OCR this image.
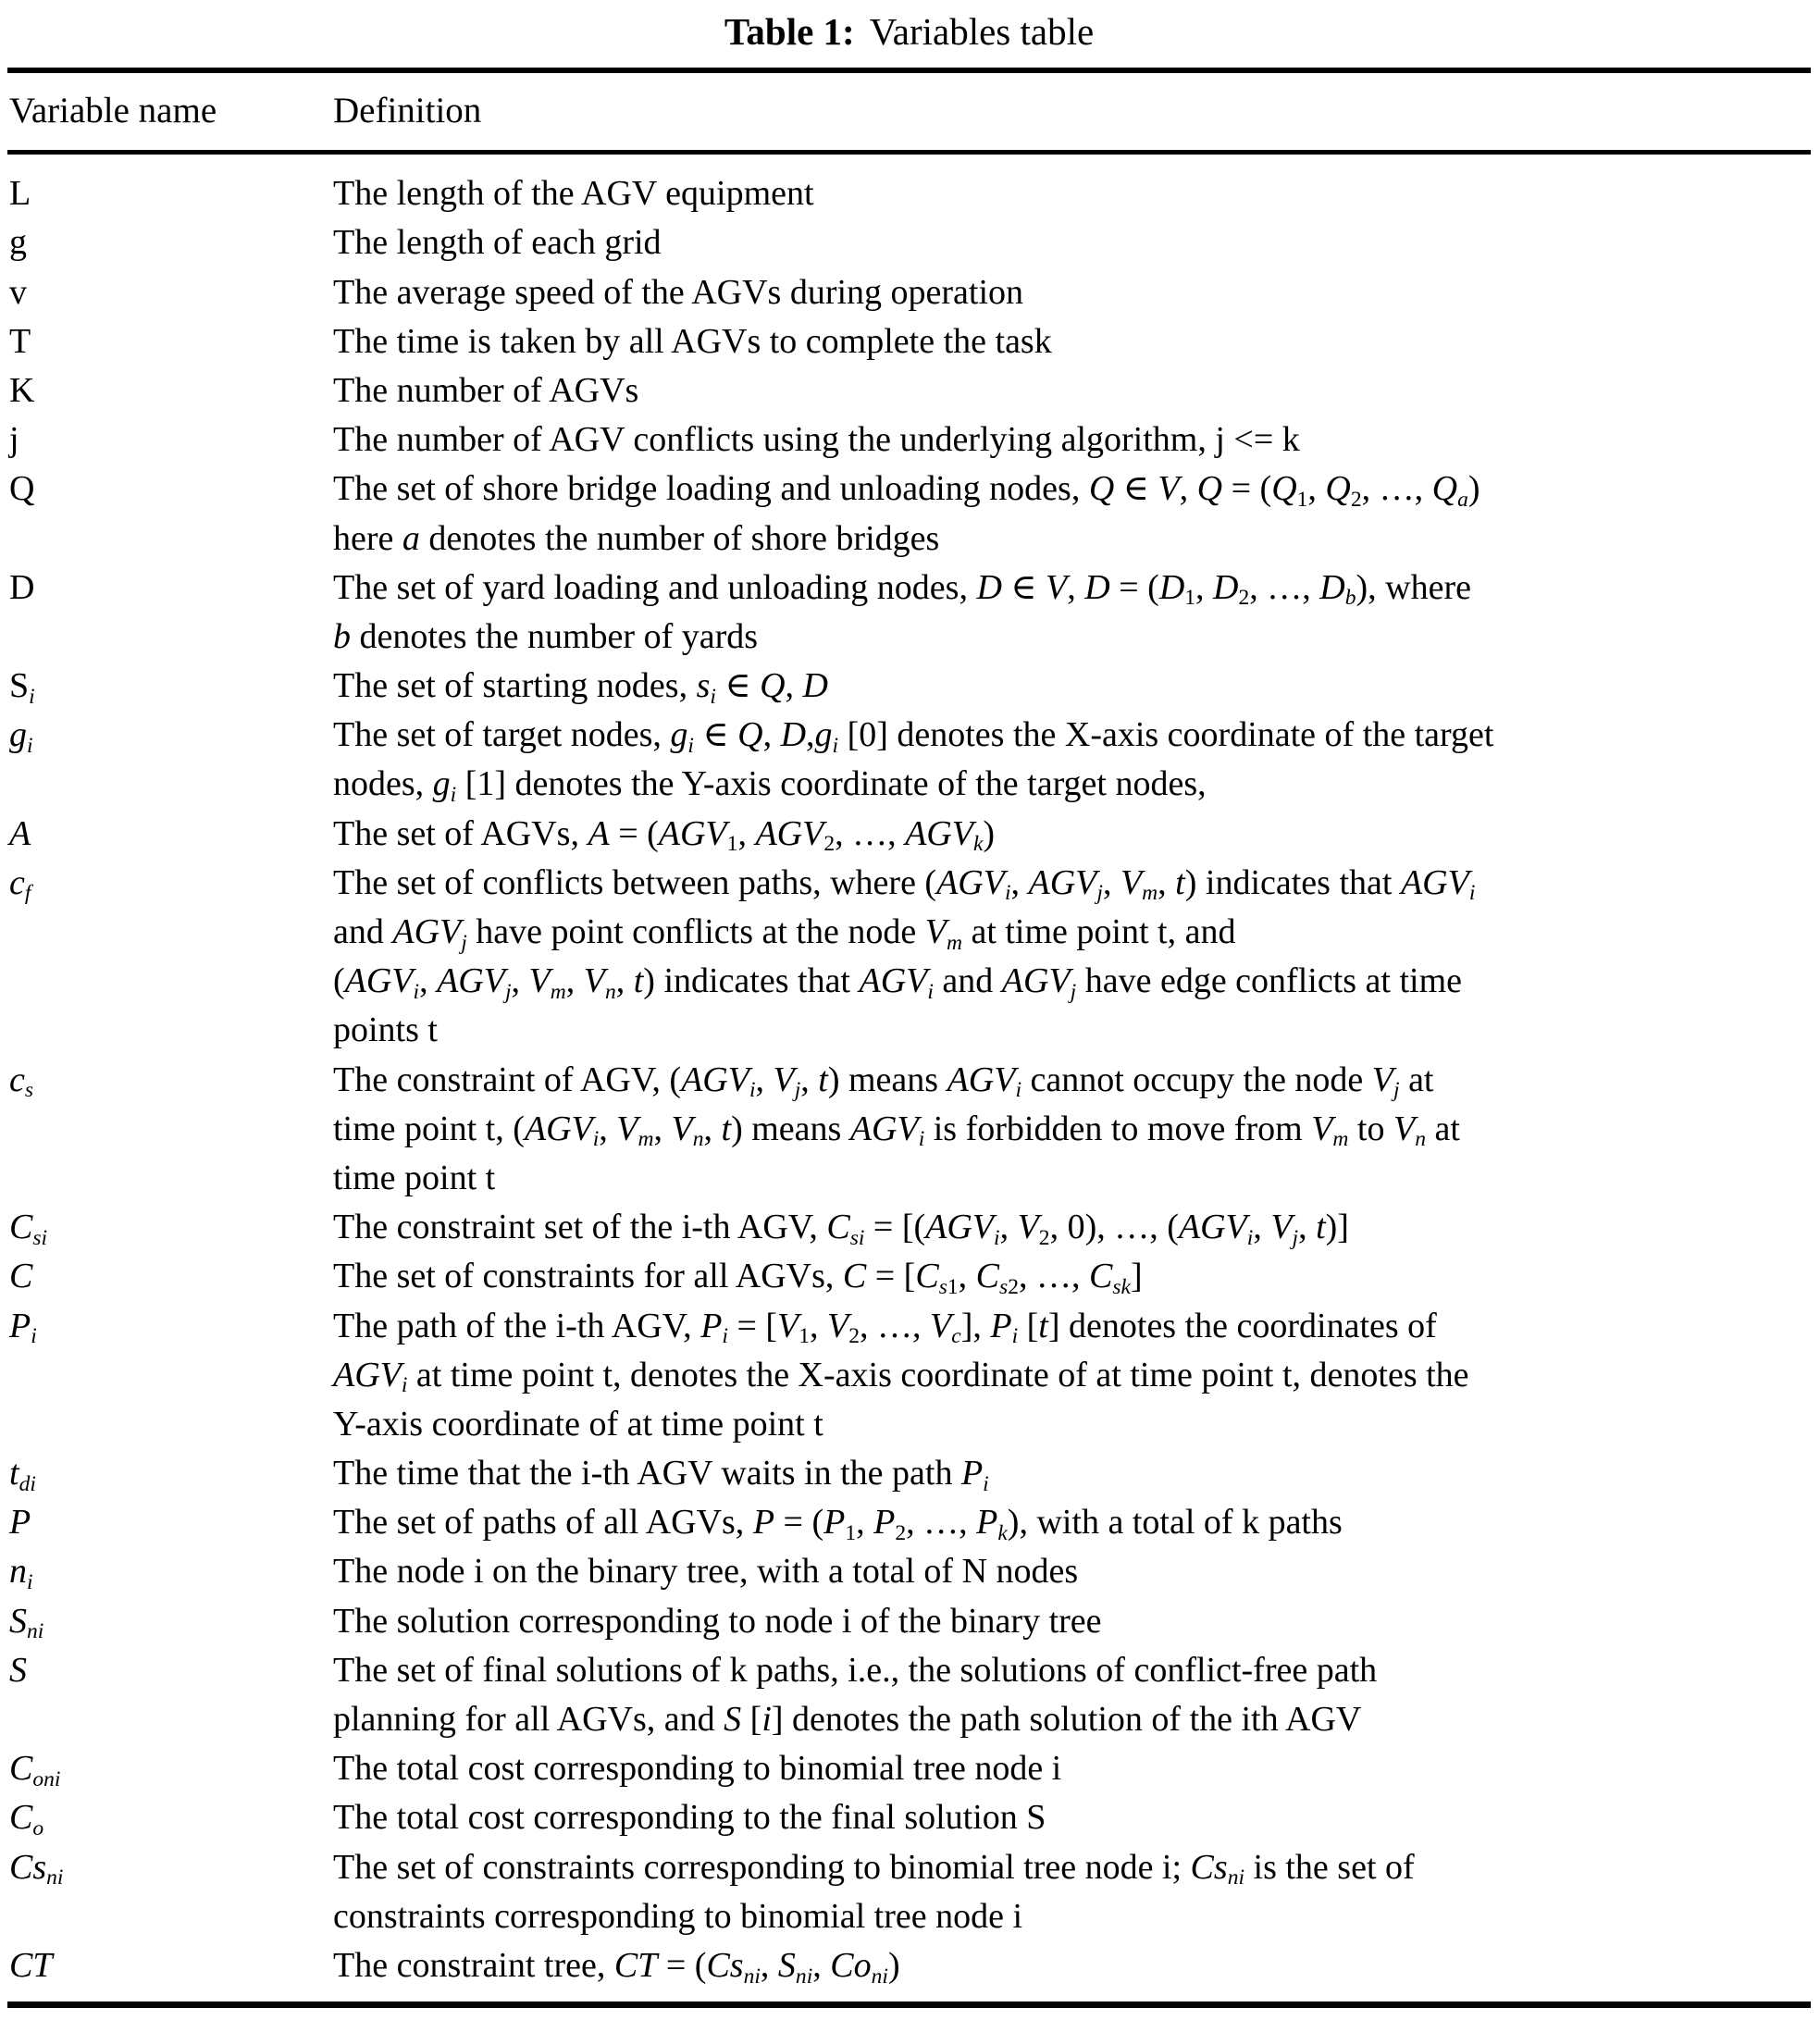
Table 1: Variables table
Variable name	Definition
L	The length of the AGV equipment
g	The length of each grid
v	The average speed of the AGVs during operation
T	The time is taken by all AGVs to complete the task
K	The number of AGVs
j	The number of AGV conflicts using the underlying algorithm, j <= k
Q	The set of shore bridge loading and unloading nodes, Q ∈ V, $Q = (Q_1$, $Q_2$, …, $Q_a$)
here a denotes the number of shore bridges
D	The set of yard loading and unloading nodes, D ∈ V, $D = (D_1$, $D_2$, …, $D_b$), where
b denotes the number of yards
$S_i$	The set of starting nodes, $s_i$ ∈ Q, D
$g_i$	The set of target nodes, $g_i$ ∈ Q, $D,g_i$ [0] denotes the X-axis coordinate of the target
nodes, $g_i$ [1] denotes the Y-axis coordinate of the target nodes,
A	The set of AGVs, $A = (AGV_1$, $AGV_2$, …, $AGV_k$)
$c_f$	The set of conflicts between paths, where ($AGV_i$, $AGV_j$, $V_m$, t) indicates that $AGV_i$
and $AGV_j$ have point conflicts at the node $V_m$ at time point t, and
($AGV_i$, $AGV_j$, $V_m$, $V_n$, t) indicates that $AGV_i$ and $AGV_j$ have edge conflicts at time
points t
$c_s$	The constraint of AGV, ($AGV_i$, $V_j$, t) means $AGV_i$ cannot occupy the node $V_j$ at
time point t, ($AGV_i$, $V_m$, $V_n$, t) means $AGV_i$ is forbidden to move from $V_m$ to $V_n$ at
time point t
$C_{si}$	The constraint set of the i-th AGV, $C_{si} = [(AGV_i$, $V_2$, 0), …, ($AGV_i$, $V_j$, t)]
C	The set of constraints for all AGVs, $C = [C_{s1}$, $C_{s2}$, …, $C_{sk}$]
$P_i$	The path of the i-th AGV, $P_i = [V_1$, $V_2$, …, $V_c$], $P_i$ [t] denotes the coordinates of
$AGV_i$ at time point t, denotes the X-axis coordinate of at time point t, denotes the
Y-axis coordinate of at time point t
$t_{di}$	The time that the i-th AGV waits in the path $P_i$
P	The set of paths of all AGVs, $P = (P_1$, $P_2$, …, $P_k$), with a total of k paths
$n_i$	The node i on the binary tree, with a total of N nodes
$S_{ni}$	The solution corresponding to node i of the binary tree
S	The set of final solutions of k paths, i.e., the solutions of conflict-free path
planning for all AGVs, and S [i] denotes the path solution of the ith AGV
$C_{oni}$	The total cost corresponding to binomial tree node i
$C_o$	The total cost corresponding to the final solution S
$Cs_{ni}$	The set of constraints corresponding to binomial tree node i; $Cs_{ni}$ is the set of
constraints corresponding to binomial tree node i
CT	The constraint tree, CT = ($Cs_{ni}$, $S_{ni}$, $Co_{ni}$)
